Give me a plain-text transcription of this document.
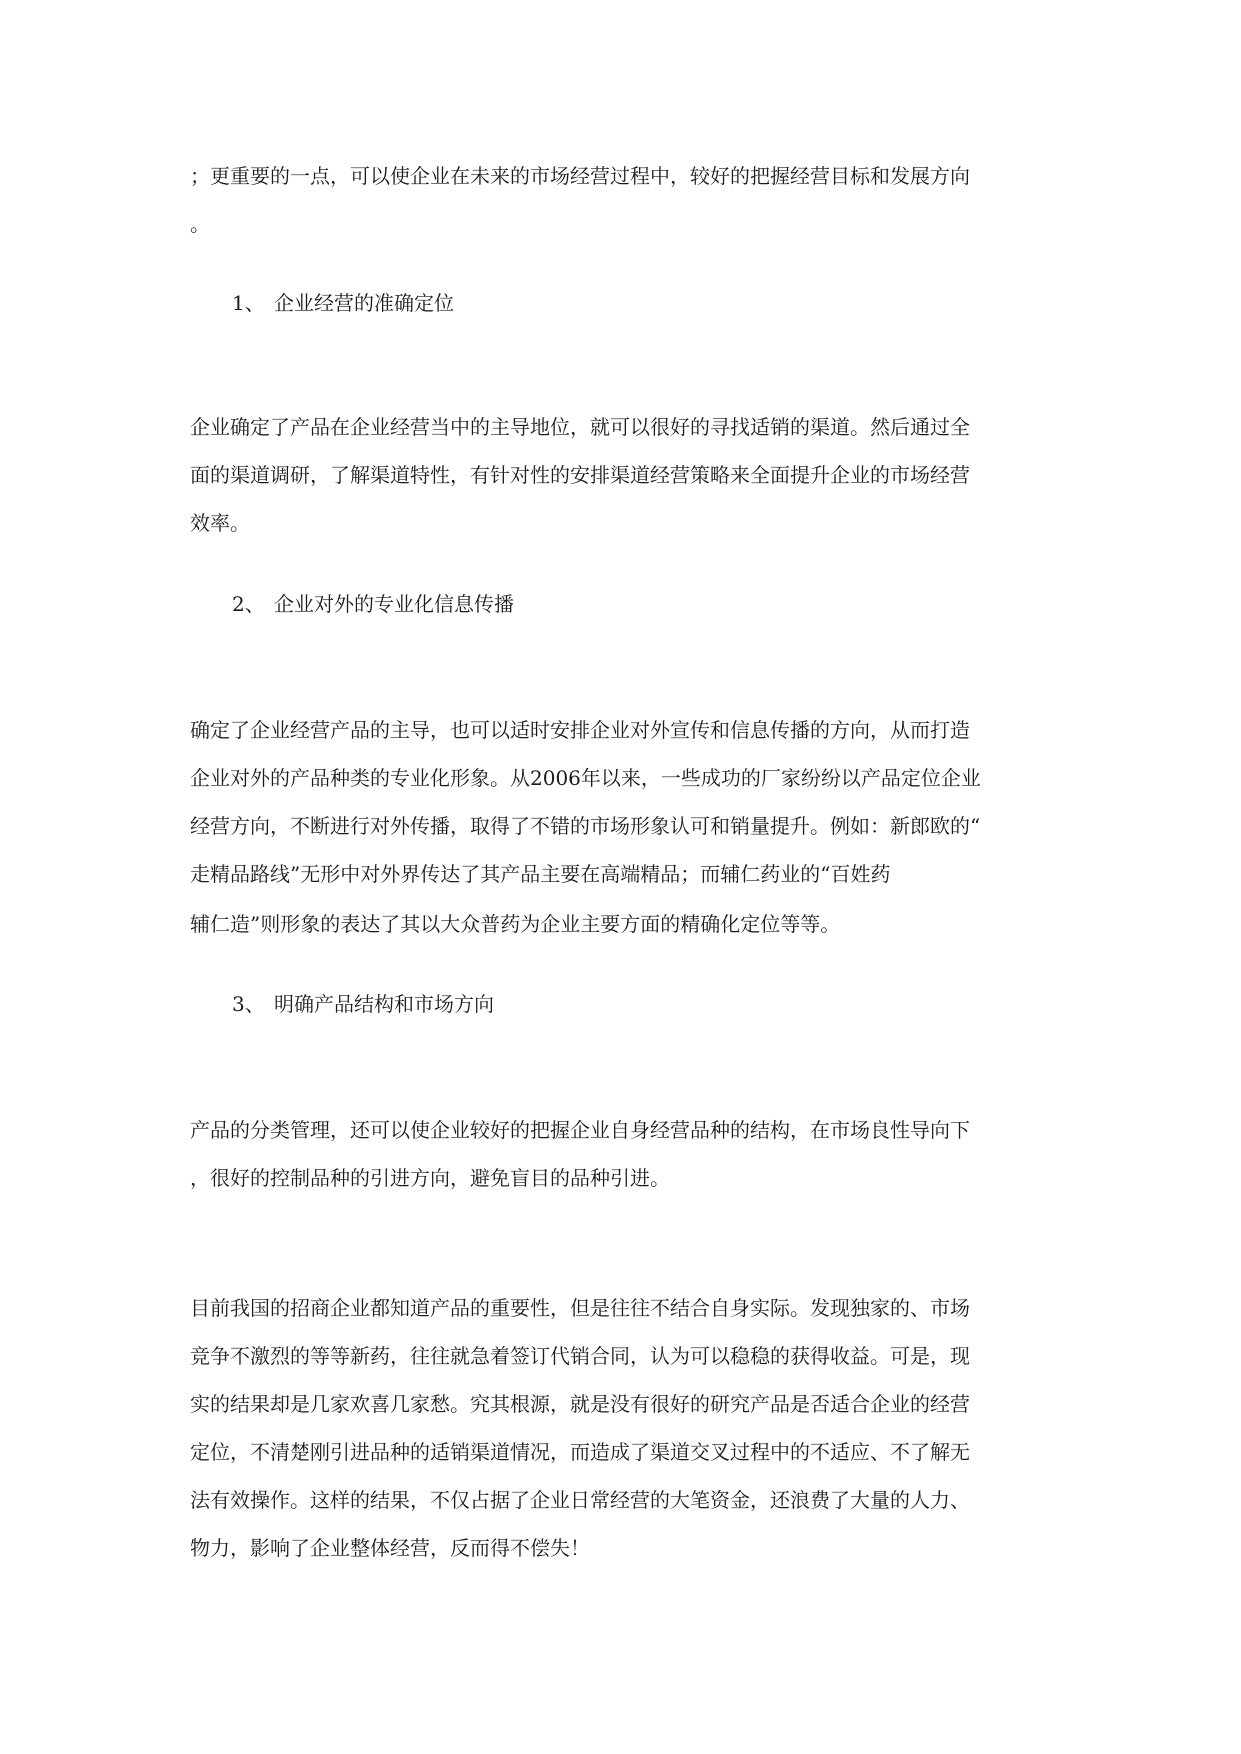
；更重要的一点，可以使企业在未来的市场经营过程中，较好的把握经营目标和发展方向
。
1、 企业经营的准确定位
企业确定了产品在企业经营当中的主导地位，就可以很好的寻找适销的渠道。然后通过全
面的渠道调研，了解渠道特性，有针对性的安排渠道经营策略来全面提升企业的市场经营
效率。
2、 企业对外的专业化信息传播
确定了企业经营产品的主导，也可以适时安排企业对外宣传和信息传播的方向，从而打造
企业对外的产品种类的专业化形象。从2006年以来，一些成功的厂家纷纷以产品定位企业
经营方向，不断进行对外传播，取得了不错的市场形象认可和销量提升。例如：新郎欧的“
走精品路线”无形中对外界传达了其产品主要在高端精品；而辅仁药业的“百姓药
辅仁造”则形象的表达了其以大众普药为企业主要方面的精确化定位等等。
3、 明确产品结构和市场方向
产品的分类管理，还可以使企业较好的把握企业自身经营品种的结构，在市场良性导向下
，很好的控制品种的引进方向，避免盲目的品种引进。
目前我国的招商企业都知道产品的重要性，但是往往不结合自身实际。发现独家的、市场
竞争不激烈的等等新药，往往就急着签订代销合同，认为可以稳稳的获得收益。可是，现
实的结果却是几家欢喜几家愁。究其根源，就是没有很好的研究产品是否适合企业的经营
定位，不清楚刚引进品种的适销渠道情况，而造成了渠道交叉过程中的不适应、不了解无
法有效操作。这样的结果，不仅占据了企业日常经营的大笔资金，还浪费了大量的人力、
物力，影响了企业整体经营，反而得不偿失！
